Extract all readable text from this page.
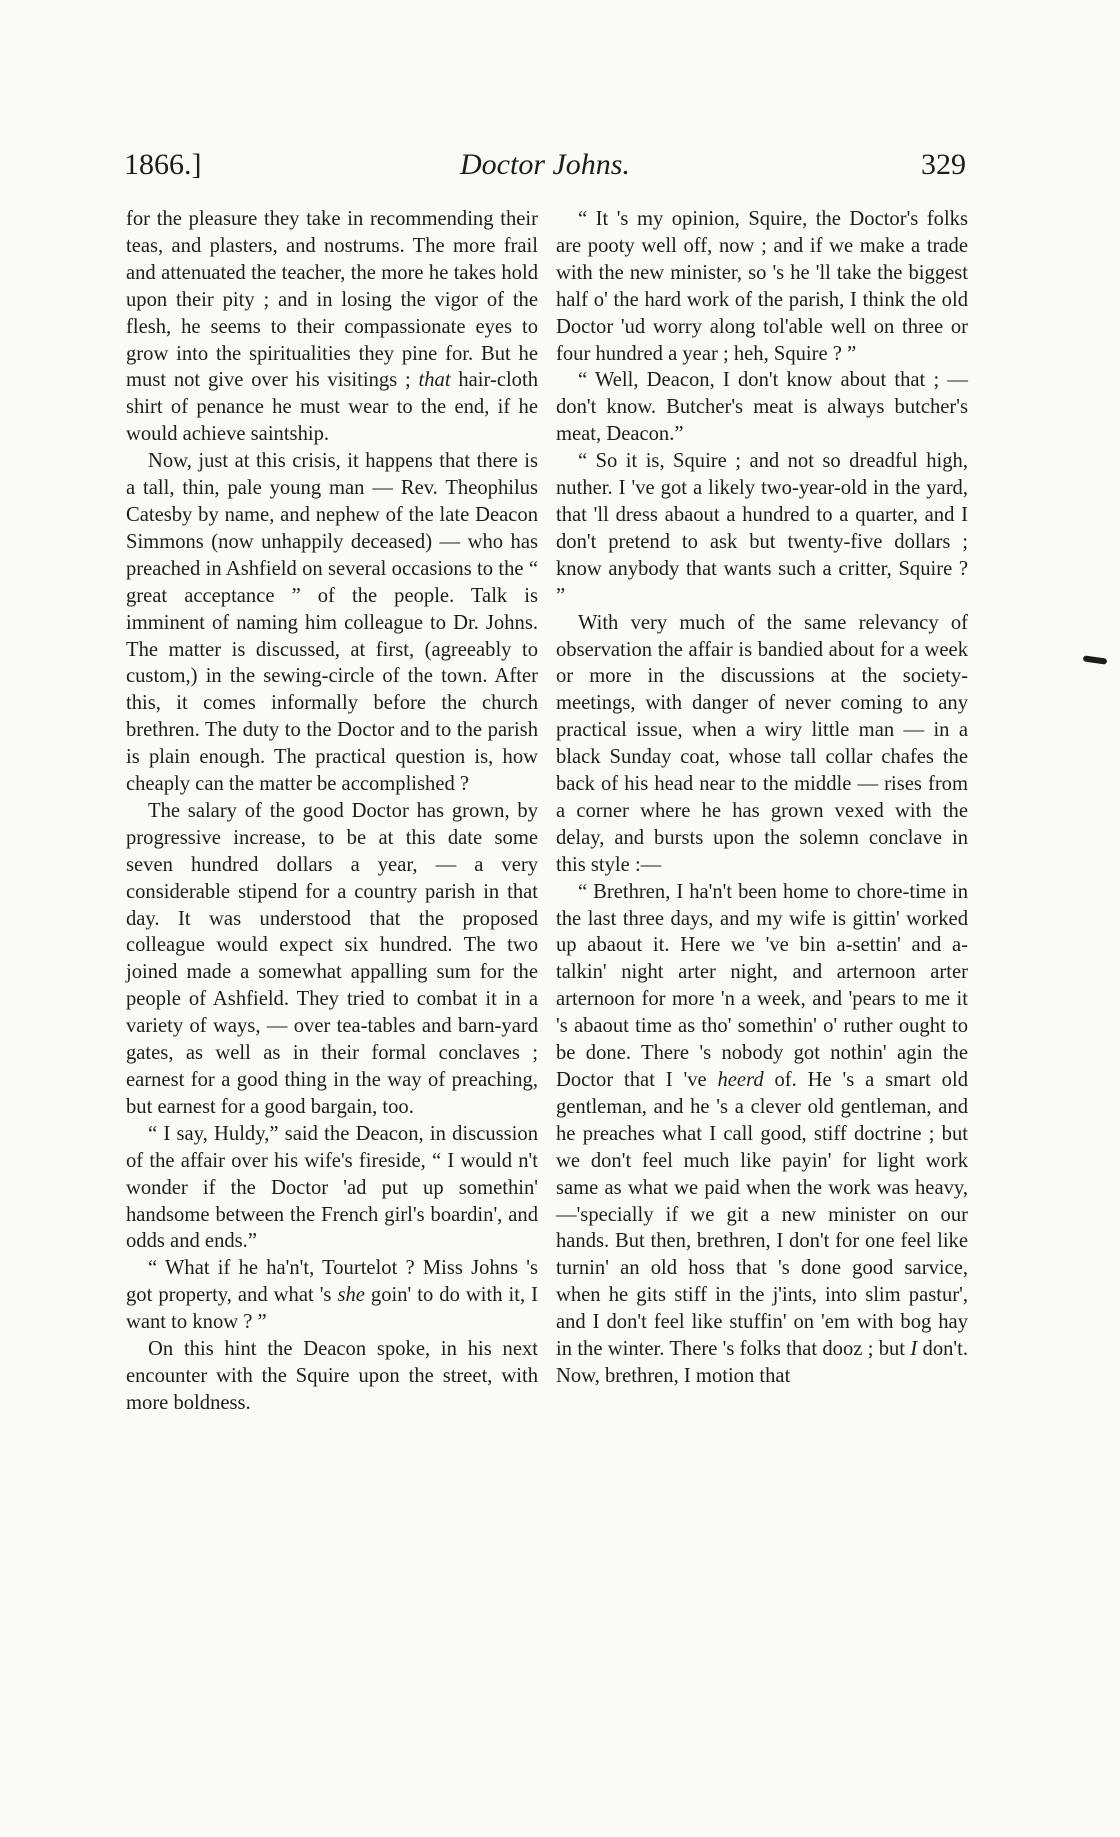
1866.]	Doctor Johns.	329

for the pleasure they take in recommending their teas, and plasters, and nostrums. The more frail and attenuated the teacher, the more he takes hold upon their pity ; and in losing the vigor of the flesh, he seems to their compassionate eyes to grow into the spiritualities they pine for. But he must not give over his visitings ; that hair-cloth shirt of penance he must wear to the end, if he would achieve saintship.

Now, just at this crisis, it happens that there is a tall, thin, pale young man — Rev. Theophilus Catesby by name, and nephew of the late Deacon Simmons (now unhappily deceased) — who has preached in Ashfield on several occasions to the “ great acceptance ” of the people. Talk is imminent of naming him colleague to Dr. Johns. The matter is discussed, at first, (agreeably to custom,) in the sewing-circle of the town. After this, it comes informally before the church brethren. The duty to the Doctor and to the parish is plain enough. The practical question is, how cheaply can the matter be accomplished ?

The salary of the good Doctor has grown, by progressive increase, to be at this date some seven hundred dollars a year, — a very considerable stipend for a country parish in that day. It was understood that the proposed colleague would expect six hundred. The two joined made a somewhat appalling sum for the people of Ashfield. They tried to combat it in a variety of ways, — over tea-tables and barn-yard gates, as well as in their formal conclaves ; earnest for a good thing in the way of preaching, but earnest for a good bargain, too.

“ I say, Huldy,” said the Deacon, in discussion of the affair over his wife's fireside, “ I would n't wonder if the Doctor 'ad put up somethin' handsome between the French girl's boardin', and odds and ends.”

“ What if he ha'n't, Tourtelot ? Miss Johns 's got property, and what 's she goin' to do with it, I want to know ? ”

On this hint the Deacon spoke, in his next encounter with the Squire upon the street, with more boldness.

“ It 's my opinion, Squire, the Doctor's folks are pooty well off, now ; and if we make a trade with the new minister, so 's he 'll take the biggest half o' the hard work of the parish, I think the old Doctor 'ud worry along tol'able well on three or four hundred a year ; heh, Squire ? ”

“ Well, Deacon, I don't know about that ; — don't know. Butcher's meat is always butcher's meat, Deacon.”

“ So it is, Squire ; and not so dreadful high, nuther. I 've got a likely two-year-old in the yard, that 'll dress abaout a hundred to a quarter, and I don't pretend to ask but twenty-five dollars ; know anybody that wants such a critter, Squire ? ”

With very much of the same relevancy of observation the affair is bandied about for a week or more in the discussions at the society-meetings, with danger of never coming to any practical issue, when a wiry little man — in a black Sunday coat, whose tall collar chafes the back of his head near to the middle — rises from a corner where he has grown vexed with the delay, and bursts upon the solemn conclave in this style :—

“ Brethren, I ha'n't been home to chore-time in the last three days, and my wife is gittin' worked up abaout it. Here we 've bin a-settin' and a-talkin' night arter night, and arternoon arter arternoon for more 'n a week, and 'pears to me it 's abaout time as tho' somethin' o' ruther ought to be done. There 's nobody got nothin' agin the Doctor that I 've heerd of. He 's a smart old gentleman, and he 's a clever old gentleman, and he preaches what I call good, stiff doctrine ; but we don't feel much like payin' for light work same as what we paid when the work was heavy,—'specially if we git a new minister on our hands. But then, brethren, I don't for one feel like turnin' an old hoss that 's done good sarvice, when he gits stiff in the j'ints, into slim pastur', and I don't feel like stuffin' on 'em with bog hay in the winter. There 's folks that dooz ; but I don't. Now, brethren, I motion that
